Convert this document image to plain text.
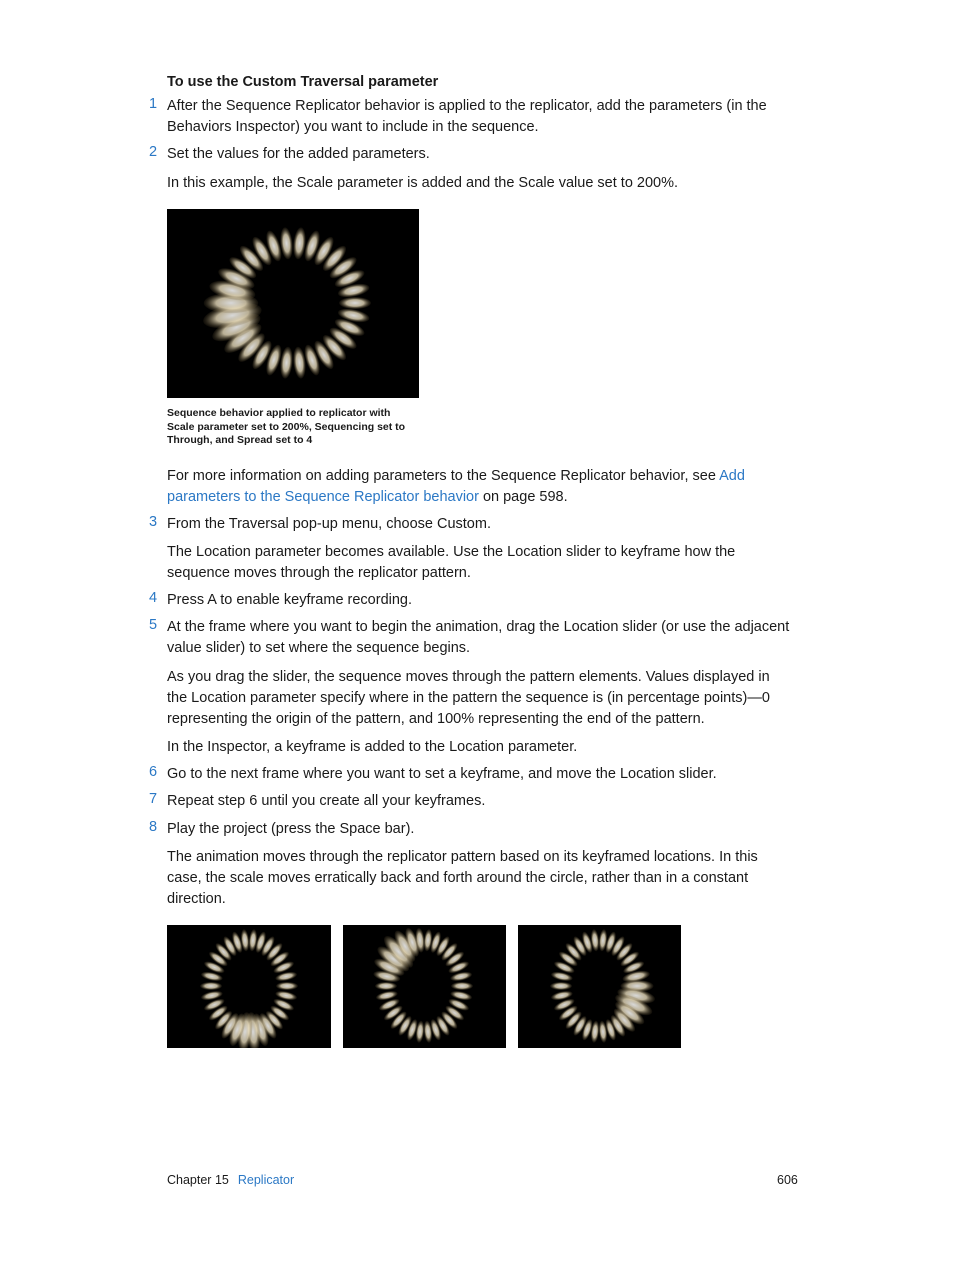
To use the Custom Traversal parameter
1 After the Sequence Replicator behavior is applied to the replicator, add the parameters (in the Behaviors Inspector) you want to include in the sequence.
2 Set the values for the added parameters.
In this example, the Scale parameter is added and the Scale value set to 200%.
Sequence behavior applied to replicator with Scale parameter set to 200%, Sequencing set to Through, and Spread set to 4
For more information on adding parameters to the Sequence Replicator behavior, see Add parameters to the Sequence Replicator behavior on page 598.
3 From the Traversal pop-up menu, choose Custom.
The Location parameter becomes available. Use the Location slider to keyframe how the sequence moves through the replicator pattern.
4 Press A to enable keyframe recording.
5 At the frame where you want to begin the animation, drag the Location slider (or use the adjacent value slider) to set where the sequence begins.
As you drag the slider, the sequence moves through the pattern elements. Values displayed in the Location parameter specify where in the pattern the sequence is (in percentage points)—0 representing the origin of the pattern, and 100% representing the end of the pattern.
In the Inspector, a keyframe is added to the Location parameter.
6 Go to the next frame where you want to set a keyframe, and move the Location slider.
7 Repeat step 6 until you create all your keyframes.
8 Play the project (press the Space bar).
The animation moves through the replicator pattern based on its keyframed locations. In this case, the scale moves erratically back and forth around the circle, rather than in a constant direction.
Chapter 15 Replicator	606
